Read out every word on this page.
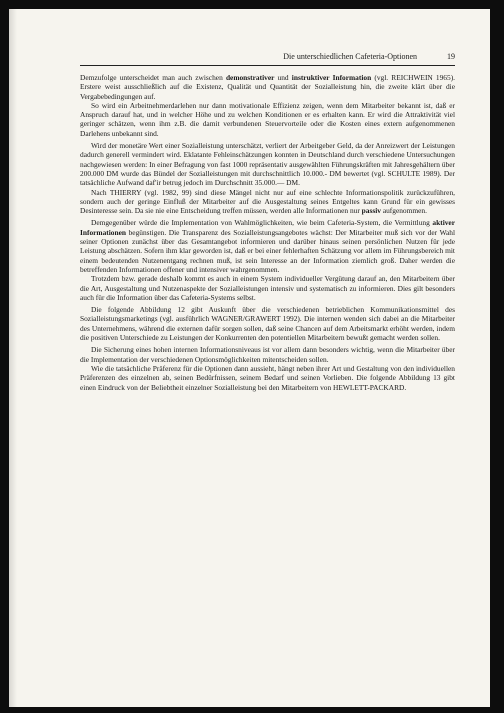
Die unterschiedlichen Cafeteria-Optionen	19

Demzufolge unterscheidet man auch zwischen demonstrativer und instruktiver Information (vgl. REICHWEIN 1965). Erstere weist ausschließlich auf die Existenz, Qualität und Quantität der Sozialleistung hin, die zweite klärt über die Vergabebedingungen auf.

So wird ein Arbeitnehmerdarlehen nur dann motivationale Effizienz zeigen, wenn dem Mitarbeiter bekannt ist, daß er Anspruch darauf hat, und in welcher Höhe und zu welchen Konditionen er es erhalten kann. Er wird die Attraktivität viel geringer schätzen, wenn ihm z.B. die damit verbundenen Steuervorteile oder die Kosten eines extern aufgenommenen Darlehens unbekannt sind.

Wird der monetäre Wert einer Sozialleistung unterschätzt, verliert der Arbeitgeber Geld, da der Anreizwert der Leistungen dadurch generell vermindert wird. Eklatante Fehleinschätzungen konnten in Deutschland durch verschiedene Untersuchungen nachgewiesen werden: In einer Befragung von fast 1000 repräsentativ ausgewählten Führungskräften mit Jahresgehältern über 200.000 DM wurde das Bündel der Sozialleistungen mit durchschnittlich 10.000.- DM bewertet (vgl. SCHULTE 1989). Der tatsächliche Aufwand daf'ir betrug jedoch im Durchschnitt 35.000.— DM.

Nach THIERRY (vgl. 1982, 99) sind diese Mängel nicht nur auf eine schlechte Informationspolitik zurückzuführen, sondern auch der geringe Einfluß der Mitarbeiter auf die Ausgestaltung seines Entgeltes kann Grund für ein gewisses Desinteresse sein. Da sie nie eine Entscheidung treffen müssen, werden alle Informationen nur passiv aufgenommen.

Demgegenüber würde die Implementation von Wahlmöglichkeiten, wie beim Cafeteria-System, die Vermittlung aktiver Informationen begünstigen. Die Transparenz des Sozialleistungsangebotes wächst: Der Mitarbeiter muß sich vor der Wahl seiner Optionen zunächst über das Gesamtangebot informieren und darüber hinaus seinen persönlichen Nutzen für jede Leistung abschätzen. Sofern ihm klar geworden ist, daß er bei einer fehlerhaften Schätzung vor allem im Führungsbereich mit einem bedeutenden Nutzenentgang rechnen muß, ist sein Interesse an der Information ziemlich groß. Daher werden die betreffenden Informationen offener und intensiver wahrgenommen.

Trotzdem bzw. gerade deshalb kommt es auch in einem System individueller Vergütung darauf an, den Mitarbeitern über die Art, Ausgestaltung und Nutzenaspekte der Sozialleistungen intensiv und systematisch zu informieren. Dies gilt besonders auch für die Information über das Cafeteria-Systems selbst.

Die folgende Abbildung 12 gibt Auskunft über die verschiedenen betrieblichen Kommunikationsmittel des Sozialleistungsmarketings (vgl. ausführlich WAGNER/GRAWERT 1992). Die internen wenden sich dabei an die Mitarbeiter des Unternehmens, während die externen dafür sorgen sollen, daß seine Chancen auf dem Arbeitsmarkt erhöht werden, indem die positiven Unterschiede zu Leistungen der Konkurrenten den potentiellen Mitarbeitern bewußt gemacht werden sollen.

Die Sicherung eines hohen internen Informationsniveaus ist vor allem dann besonders wichtig, wenn die Mitarbeiter über die Implementation der verschiedenen Optionsmöglichkeiten mitentscheiden sollen.

Wie die tatsächliche Präferenz für die Optionen dann aussieht, hängt neben ihrer Art und Gestaltung von den individuellen Präferenzen des einzelnen ab, seinen Bedürfnissen, seinem Bedarf und seinen Vorlieben. Die folgende Abbildung 13 gibt einen Eindruck von der Beliebtheit einzelner Sozialleistung bei den Mitarbeitern von HEWLETT-PACKARD.
